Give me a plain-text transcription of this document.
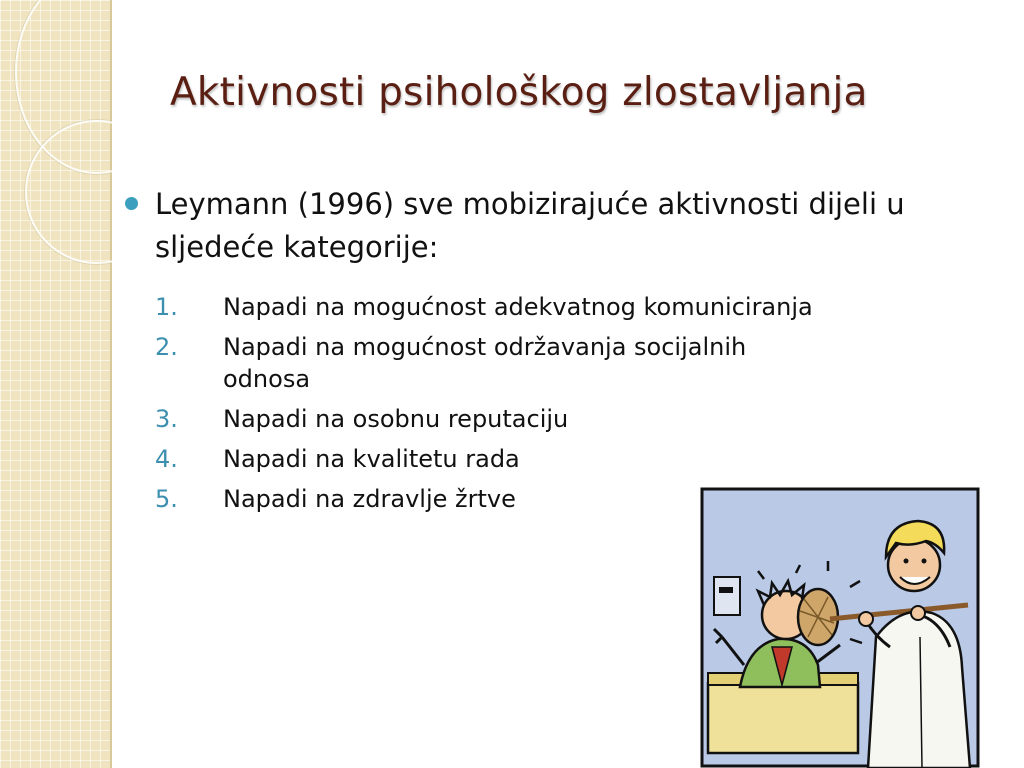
Aktivnosti psihološkog zlostavljanja
Leymann (1996) sve mobizirajuće aktivnosti dijeli u sljedeće kategorije:
1.	Napadi na mogućnost adekvatnog komuniciranja
2.	Napadi na mogućnost održavanja socijalnih odnosa
3.	Napadi na osobnu reputaciju
4.	Napadi na kvalitetu rada
5.	Napadi na zdravlje žrtve
